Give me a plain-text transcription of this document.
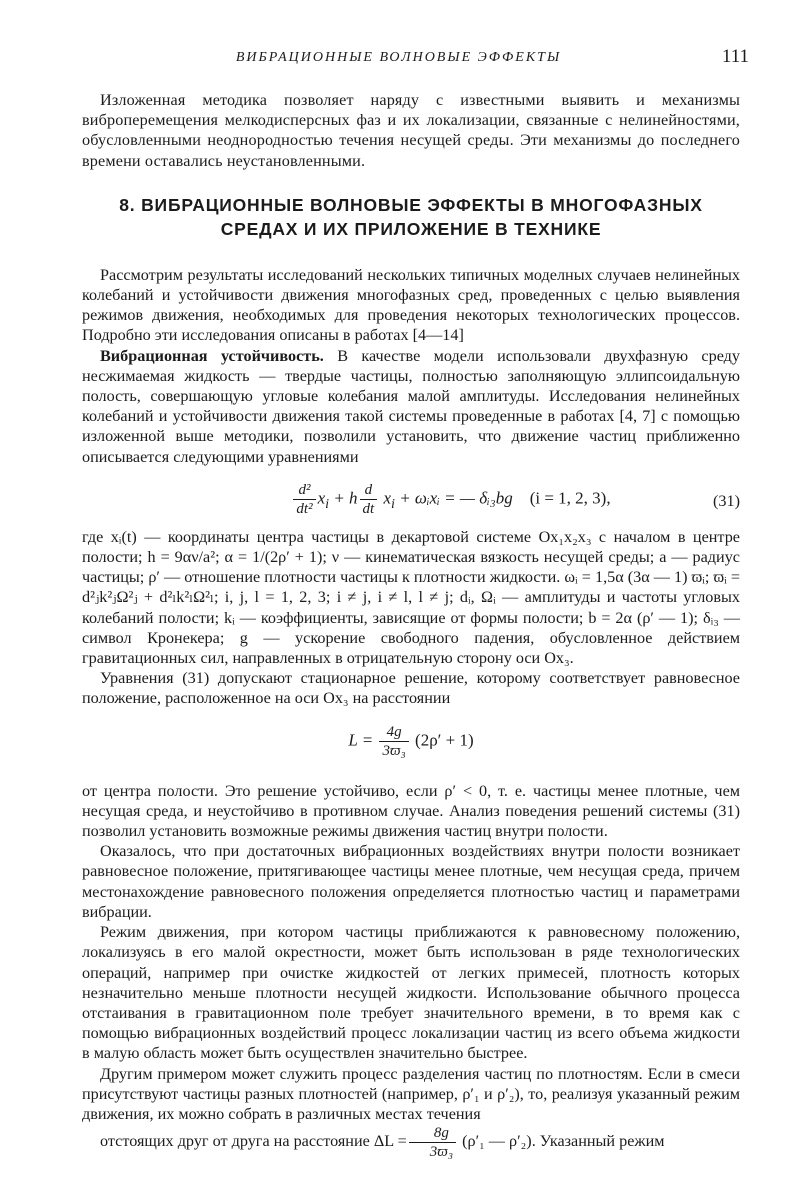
ВИБРАЦИОННЫЕ ВОЛНОВЫЕ ЭФФЕКТЫ	111

Изложенная методика позволяет наряду с известными выявить и механизмы виброперемещения мелкодисперсных фаз и их локализации, связанные с нелинейностями, обусловленными неоднородностью течения несущей среды. Эти механизмы до последнего времени оставались неустановленными.

8. ВИБРАЦИОННЫЕ ВОЛНОВЫЕ ЭФФЕКТЫ В МНОГОФАЗНЫХ СРЕДАХ И ИХ ПРИЛОЖЕНИЕ В ТЕХНИКЕ

Рассмотрим результаты исследований нескольких типичных моделных случаев нелинейных колебаний и устойчивости движения многофазных сред, проведенных с целью выявления режимов движения, необходимых для проведения некоторых технологических процессов. Подробно эти исследования описаны в работах [4—14]

Вибрационная устойчивость. В качестве модели использовали двухфазную среду несжимаемая жидкость — твердые частицы, полностью заполняющую эллипсоидальную полость, совершающую угловые колебания малой амплитуды. Исследования нелинейных колебаний и устойчивости движения такой системы проведенные в работах [4, 7] с помощью изложенной выше методики, позволили установить, что движение частиц приближенно описывается следующими уравнениями

$\frac{\text{d²}}{\text{dt²}} x_i + h \frac{d}{dt} x_i$ + ωᵢxᵢ = — δᵢ₃bg (i = 1, 2, 3),	(31)

где xᵢ(t) — координаты центра частицы в декартовой системе Ox₁x₂x₃ с началом в центре полости; h = 9αν/a²; α = 1/(2ρ′ + 1); ν — кинематическая вязкость несущей среды; a — радиус частицы; ρ′ — отношение плотности частицы к плотности жидкости. ωᵢ = 1,5α (3α — 1) ϖᵢ; ϖᵢ = d²ⱼk²ⱼΩ²ⱼ + d²ₗk²ₗΩ²ₗ; i, j, l = 1, 2, 3; i ≠ j, i ≠ l, l ≠ j; dᵢ, Ωᵢ — амплитуды и частоты угловых колебаний полости; kᵢ — коэффициенты, зависящие от формы полости; b = 2α (ρ′ — 1); δᵢ₃ — символ Кронекера; g — ускорение свободного падения, обусловленное действием гравитационных сил, направленных в отрицательную сторону оси Ox₃.

Уравнения (31) допускают стационарное решение, которому соответствует равновесное положение, расположенное на оси Ox₃ на расстоянии

$L = \frac{4g}{\text{3ϖ₃}} (2\rho' + 1)$

от центра полости. Это решение устойчиво, если ρ′ < 0, т. е. частицы менее плотные, чем несущая среда, и неустойчиво в противном случае. Анализ поведения решений системы (31) позволил установить возможные режимы движения частиц внутри полости.

Оказалось, что при достаточных вибрационных воздействиях внутри полости возникает равновесное положение, притягивающее частицы менее плотные, чем несущая среда, причем местонахождение равновесного положения определяется плотностью частиц и параметрами вибрации.

Режим движения, при котором частицы приближаются к равновесному положению, локализуясь в его малой окрестности, может быть использован в ряде технологических операций, например при очистке жидкостей от легких примесей, плотность которых незначительно меньше плотности несущей жидкости. Использование обычного процесса отстаивания в гравитационном поле требует значительного времени, в то время как с помощью вибрационных воздействий процесс локализации частиц из всего объема жидкости в малую область может быть осуществлен значительно быстрее.

Другим примером может служить процесс разделения частиц по плотностям. Если в смеси присутствуют частицы разных плотностей (например, ρ′₁ и ρ′₂), то, реализуя указанный режим движения, их можно собрать в различных местах течения

отстоящих друг от друга на расстояние $\Delta L = \frac{8g}{\text{3ϖ₃}} (\rho'_1$ — ρ′₂). Указанный режим
